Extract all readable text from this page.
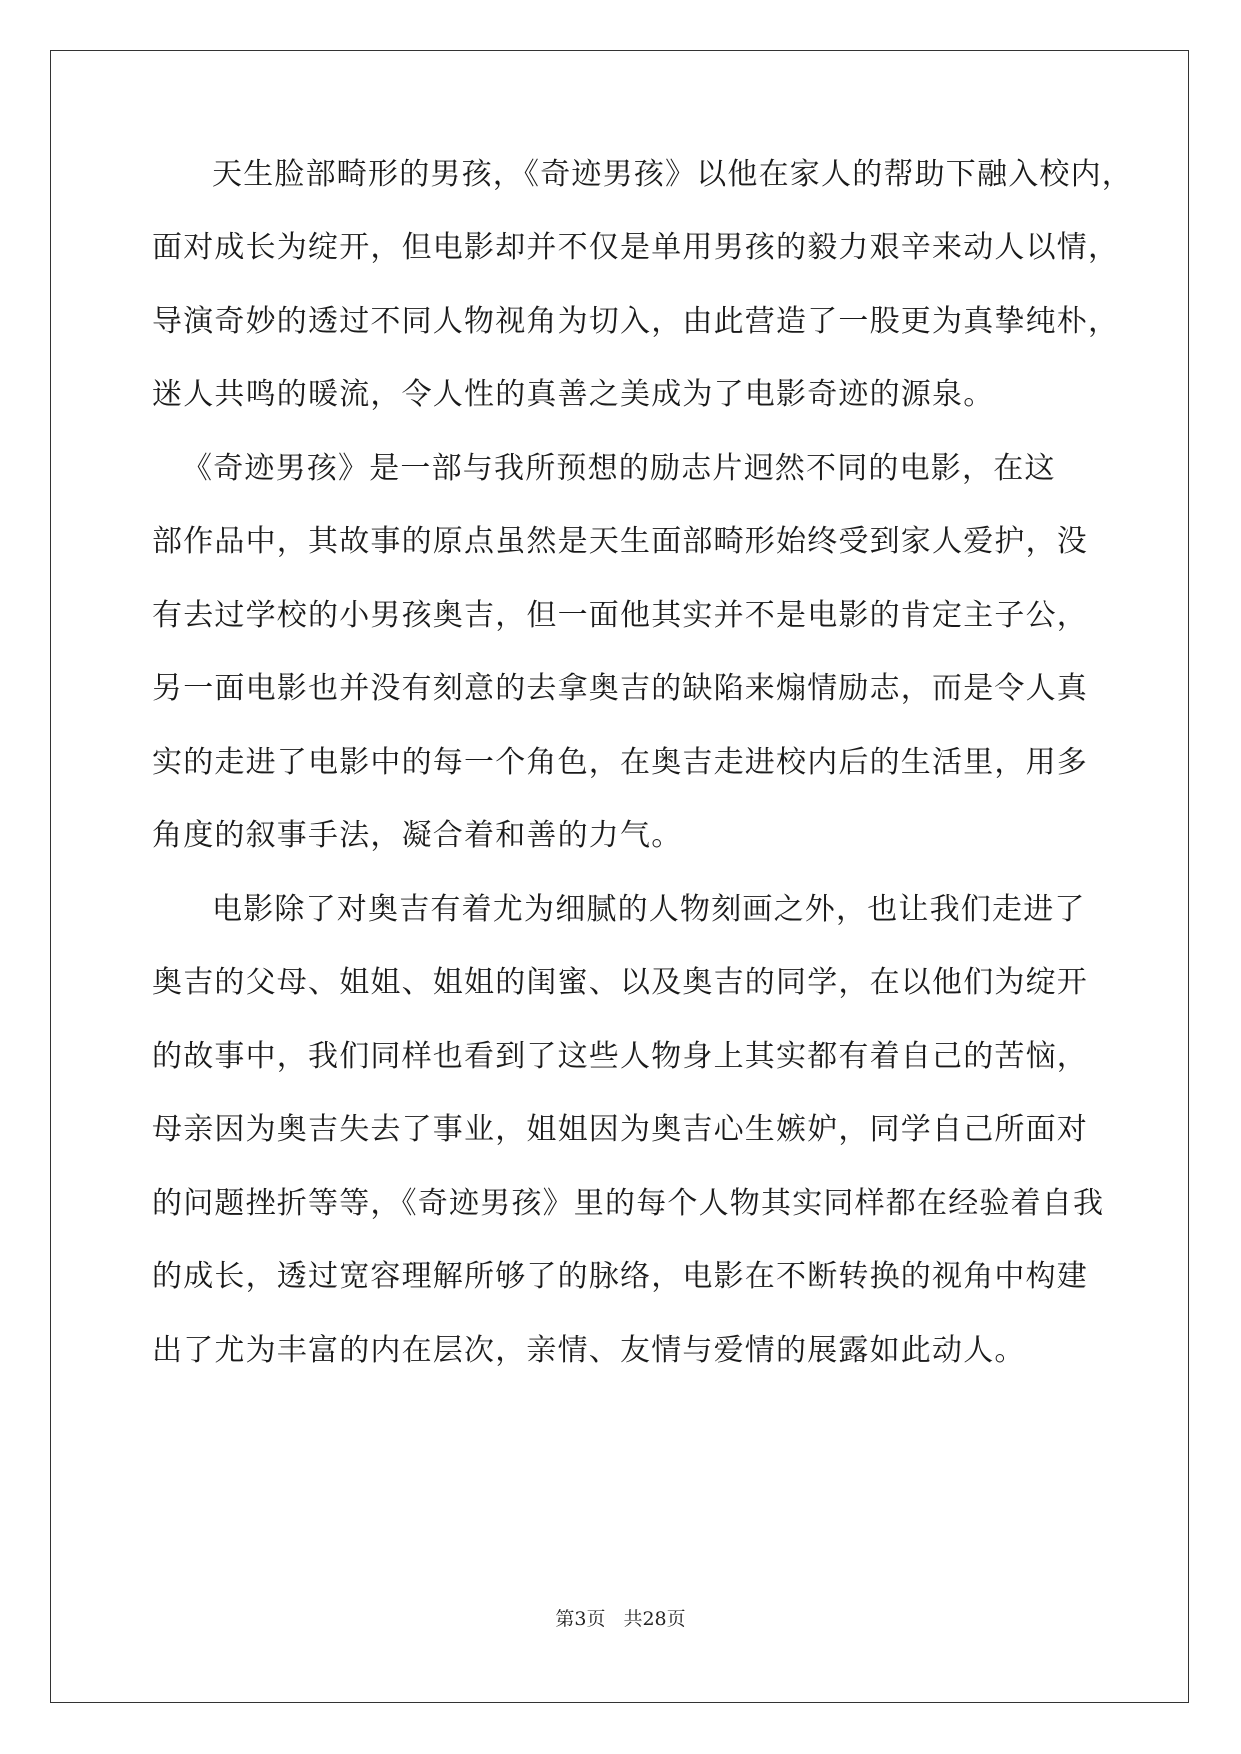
天生脸部畸形的男孩，《奇迹男孩》以他在家人的帮助下融入校内，
面对成长为绽开，但电影却并不仅是单用男孩的毅力艰辛来动人以情，
导演奇妙的透过不同人物视角为切入，由此营造了一股更为真挚纯朴，
迷人共鸣的暖流，令人性的真善之美成为了电影奇迹的源泉。
《奇迹男孩》是一部与我所预想的励志片迥然不同的电影，在这
部作品中，其故事的原点虽然是天生面部畸形始终受到家人爱护，没
有去过学校的小男孩奥吉，但一面他其实并不是电影的肯定主子公，
另一面电影也并没有刻意的去拿奥吉的缺陷来煽情励志，而是令人真
实的走进了电影中的每一个角色，在奥吉走进校内后的生活里，用多
角度的叙事手法，凝合着和善的力气。
电影除了对奥吉有着尤为细腻的人物刻画之外，也让我们走进了
奥吉的父母、姐姐、姐姐的闺蜜、以及奥吉的同学，在以他们为绽开
的故事中，我们同样也看到了这些人物身上其实都有着自己的苦恼，
母亲因为奥吉失去了事业，姐姐因为奥吉心生嫉妒，同学自己所面对
的问题挫折等等，《奇迹男孩》里的每个人物其实同样都在经验着自我
的成长，透过宽容理解所够了的脉络，电影在不断转换的视角中构建
出了尤为丰富的内在层次，亲情、友情与爱情的展露如此动人。
第3页 共28页
